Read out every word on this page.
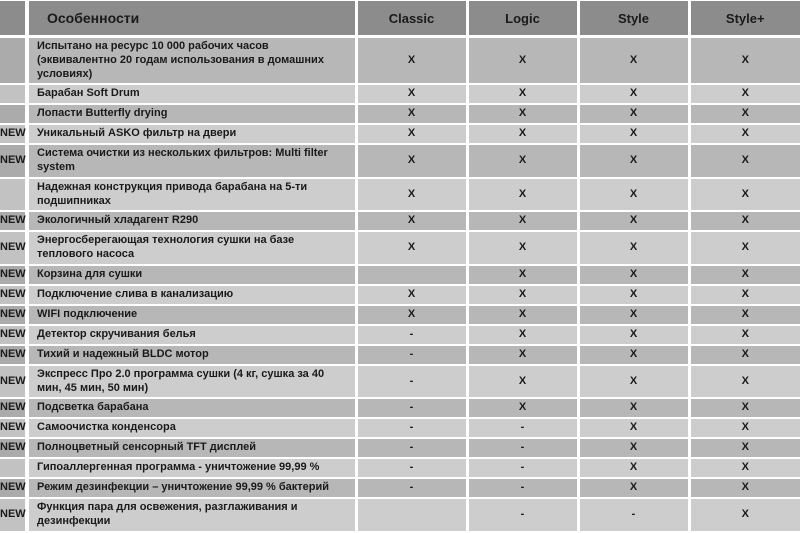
	Особенности	Classic	Logic	Style	Style+
	Испытано на ресурс 10 000 рабочих часов (эквивалентно 20 годам использования в домашних условиях)	X	X	X	X
	Барабан Soft Drum	X	X	X	X
	Лопасти Butterfly drying	X	X	X	X
NEW	Уникальный ASKO фильтр на двери	X	X	X	X
NEW	Система очистки из нескольких фильтров: Multi filter system	X	X	X	X
	Надежная конструкция привода барабана на 5-ти подшипниках	X	X	X	X
NEW	Экологичный хладагент R290	X	X	X	X
NEW	Энергосберегающая технология сушки на базе теплового насоса	X	X	X	X
NEW	Корзина для сушки		X	X	X
NEW	Подключение слива в канализацию	X	X	X	X
NEW	WIFI подключение	X	X	X	X
NEW	Детектор скручивания белья	-	X	X	X
NEW	Тихий и надежный BLDC мотор	-	X	X	X
NEW	Экспресс Про 2.0 программа сушки (4 кг, сушка за 40 мин, 45 мин, 50 мин)	-	X	X	X
NEW	Подсветка барабана	-	X	X	X
NEW	Самоочистка конденсора	-	-	X	X
NEW	Полноцветный сенсорный TFT дисплей	-	-	X	X
	Гипоаллергенная программа - уничтожение 99,99 %	-	-	X	X
NEW	Режим дезинфекции – уничтожение 99,99 % бактерий	-	-	X	X
NEW	Функция пара для освежения, разглаживания и дезинфекции		-	-	X
